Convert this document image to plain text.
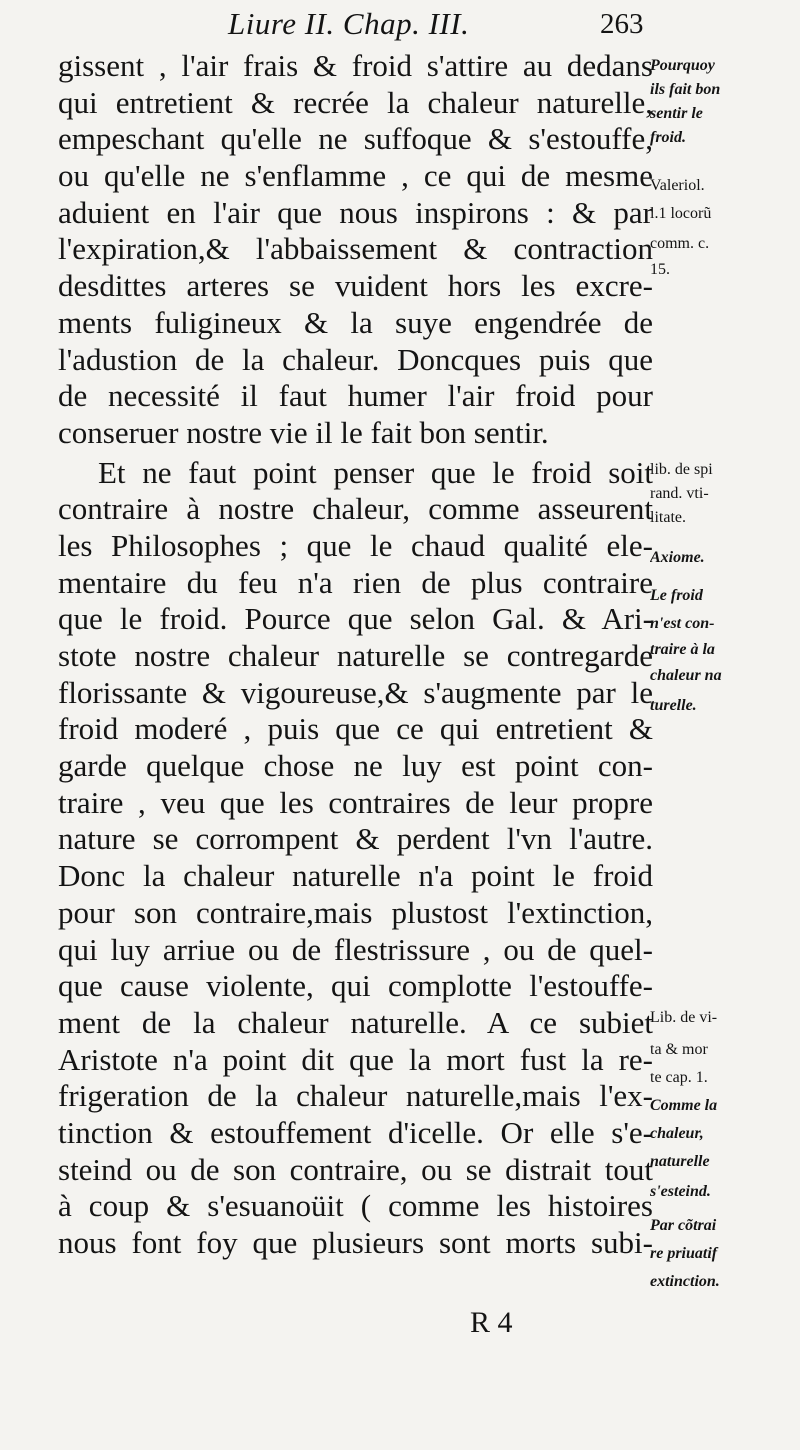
Liure II. Chap. III.	263
gissent , l'air frais & froid s'attire au dedans
qui entretient & recrée la chaleur naturelle,
empeschant qu'elle ne suffoque & s'estouffe,
ou qu'elle ne s'enflamme , ce qui de mesme
aduient en l'air que nous inspirons : & par
l'expiration,& l'abbaissement & contraction
desdittes arteres se vuident hors les excre-
ments fuligineux & la suye engendrée de
l'adustion de la chaleur. Doncques puis que
de necessité il faut humer l'air froid pour
conseruer nostre vie il le fait bon sentir.
Et ne faut point penser que le froid soit
contraire à nostre chaleur, comme asseurent
les Philosophes ; que le chaud qualité ele-
mentaire du feu n'a rien de plus contraire
que le froid. Pource que selon Gal. & Ari-
stote nostre chaleur naturelle se contregarde
florissante & vigoureuse,& s'augmente par le
froid moderé , puis que ce qui entretient &
garde quelque chose ne luy est point con-
traire , veu que les contraires de leur propre
nature se corrompent & perdent l'vn l'autre.
Donc la chaleur naturelle n'a point le froid
pour son contraire,mais plustost l'extinction,
qui luy arriue ou de flestrissure , ou de quel-
que cause violente, qui complotte l'estouffe-
ment de la chaleur naturelle. A ce subiet
Aristote n'a point dit que la mort fust la re-
frigeration de la chaleur naturelle,mais l'ex-
tinction & estouffement d'icelle. Or elle s'e-
steind ou de son contraire, ou se distrait tout
à coup & s'esuanoüit ( comme les histoires
nous font foy que plusieurs sont morts subi-
Pourquoy
ils fait bon
sentir le
froid.
Valeriol.
l.1 locorũ
comm. c.
15.
lib. de spi
rand. vti-
litate.
Axiome.
Le froid
n'est con-
traire à la
chaleur na
turelle.
Lib. de vi-
ta & mor
te cap. 1.
Comme la
chaleur,
naturelle
s'esteind.
Par cõtrai
re priuatif
extinction.
R 4
